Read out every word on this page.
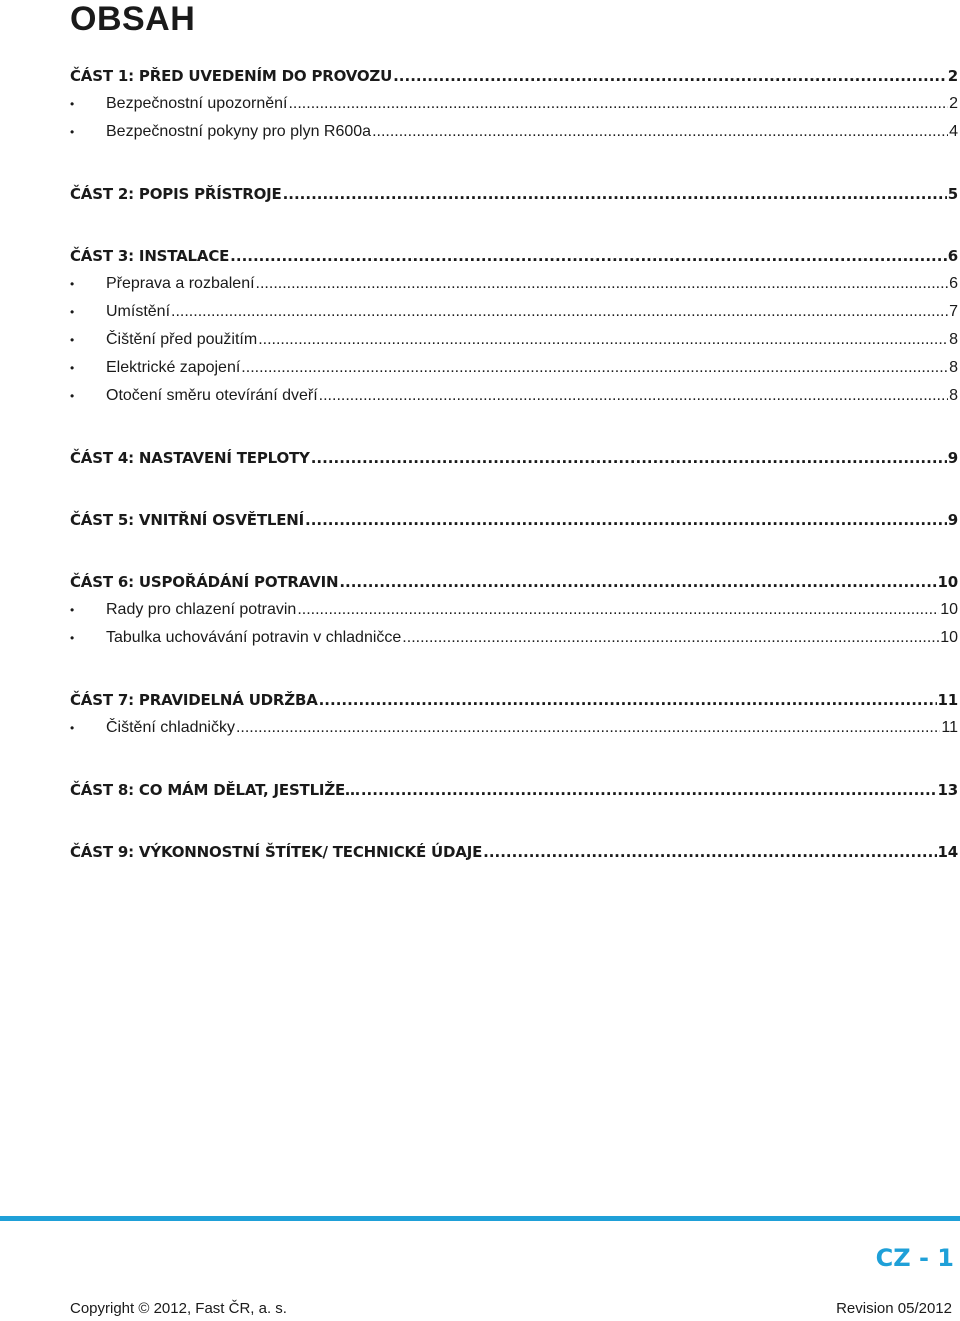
OBSAH
ČÁST 1: PŘED UVEDENÍM DO PROVOZU .....	2
•	Bezpečnostní upozornění .....	2
•	Bezpečnostní pokyny pro plyn R600a .....	4
ČÁST 2: POPIS PŘÍSTROJE .....	5
ČÁST 3: INSTALACE .....	6
•	Přeprava a rozbalení .....	6
•	Umístění .....	7
•	Čištění před použitím .....	8
•	Elektrické zapojení .....	8
•	Otočení směru otevírání dveří .....	8
ČÁST 4: NASTAVENÍ TEPLOTY .....	9
ČÁST 5: VNITŘNÍ OSVĚTLENÍ .....	9
ČÁST 6: USPOŘÁDÁNÍ POTRAVIN .....	10
•	Rady pro chlazení potravin .....	10
•	Tabulka uchovávání potravin v chladničce .....	10
ČÁST 7: PRAVIDELNÁ UDRŽBA .....	11
•	Čištění chladničky .....	11
ČÁST 8: CO MÁM DĚLAT, JESTLIŽE… .....	13
ČÁST 9: VÝKONNOSTNÍ ŠTÍTEK/ TECHNICKÉ ÚDAJE .....	14
CZ - 1
Copyright © 2012, Fast ČR, a. s.	Revision 05/2012
